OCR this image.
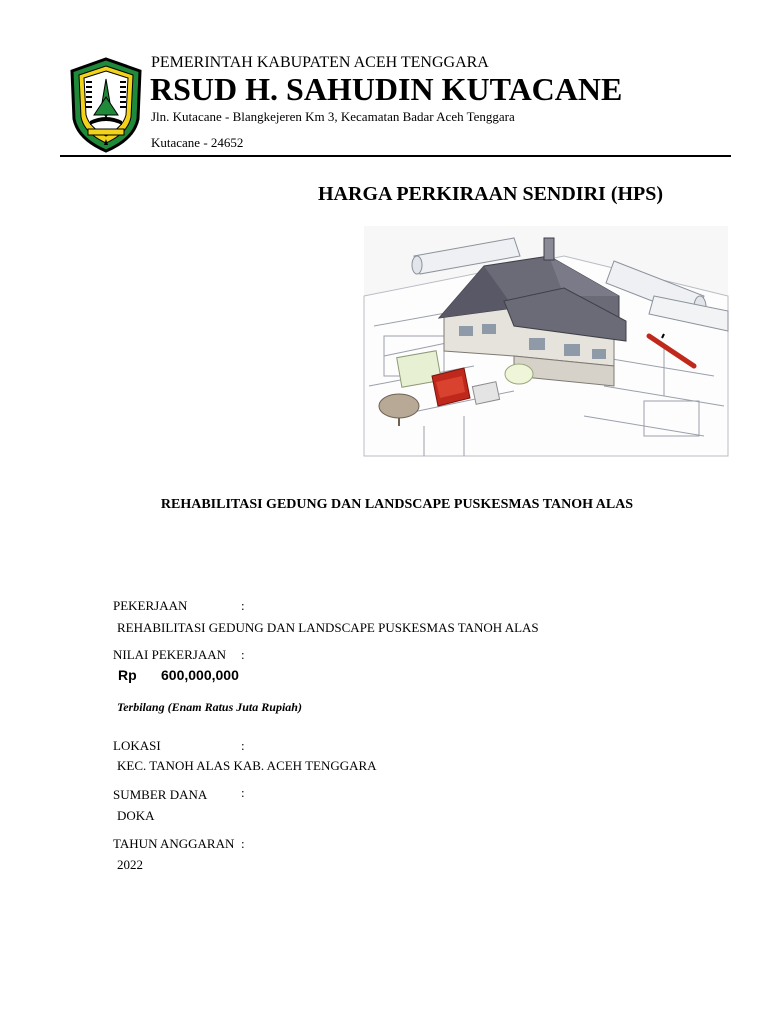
PEMERINTAH KABUPATEN ACEH TENGGARA
RSUD H. SAHUDIN KUTACANE
Jln. Kutacane - Blangkejeren Km 3, Kecamatan Badar Aceh Tenggara
Kutacane - 24652
HARGA PERKIRAAN SENDIRI (HPS)
REHABILITASI GEDUNG DAN LANDSCAPE PUSKESMAS TANOH ALAS
PEKERJAAN	:
REHABILITASI GEDUNG DAN LANDSCAPE PUSKESMAS TANOH ALAS
NILAI PEKERJAAN :
Rp 600,000,000
Terbilang (Enam Ratus Juta Rupiah)
LOKASI	:
KEC. TANOH ALAS KAB. ACEH TENGGARA
SUMBER DANA	:
DOKA
TAHUN ANGGARAN :
2022
